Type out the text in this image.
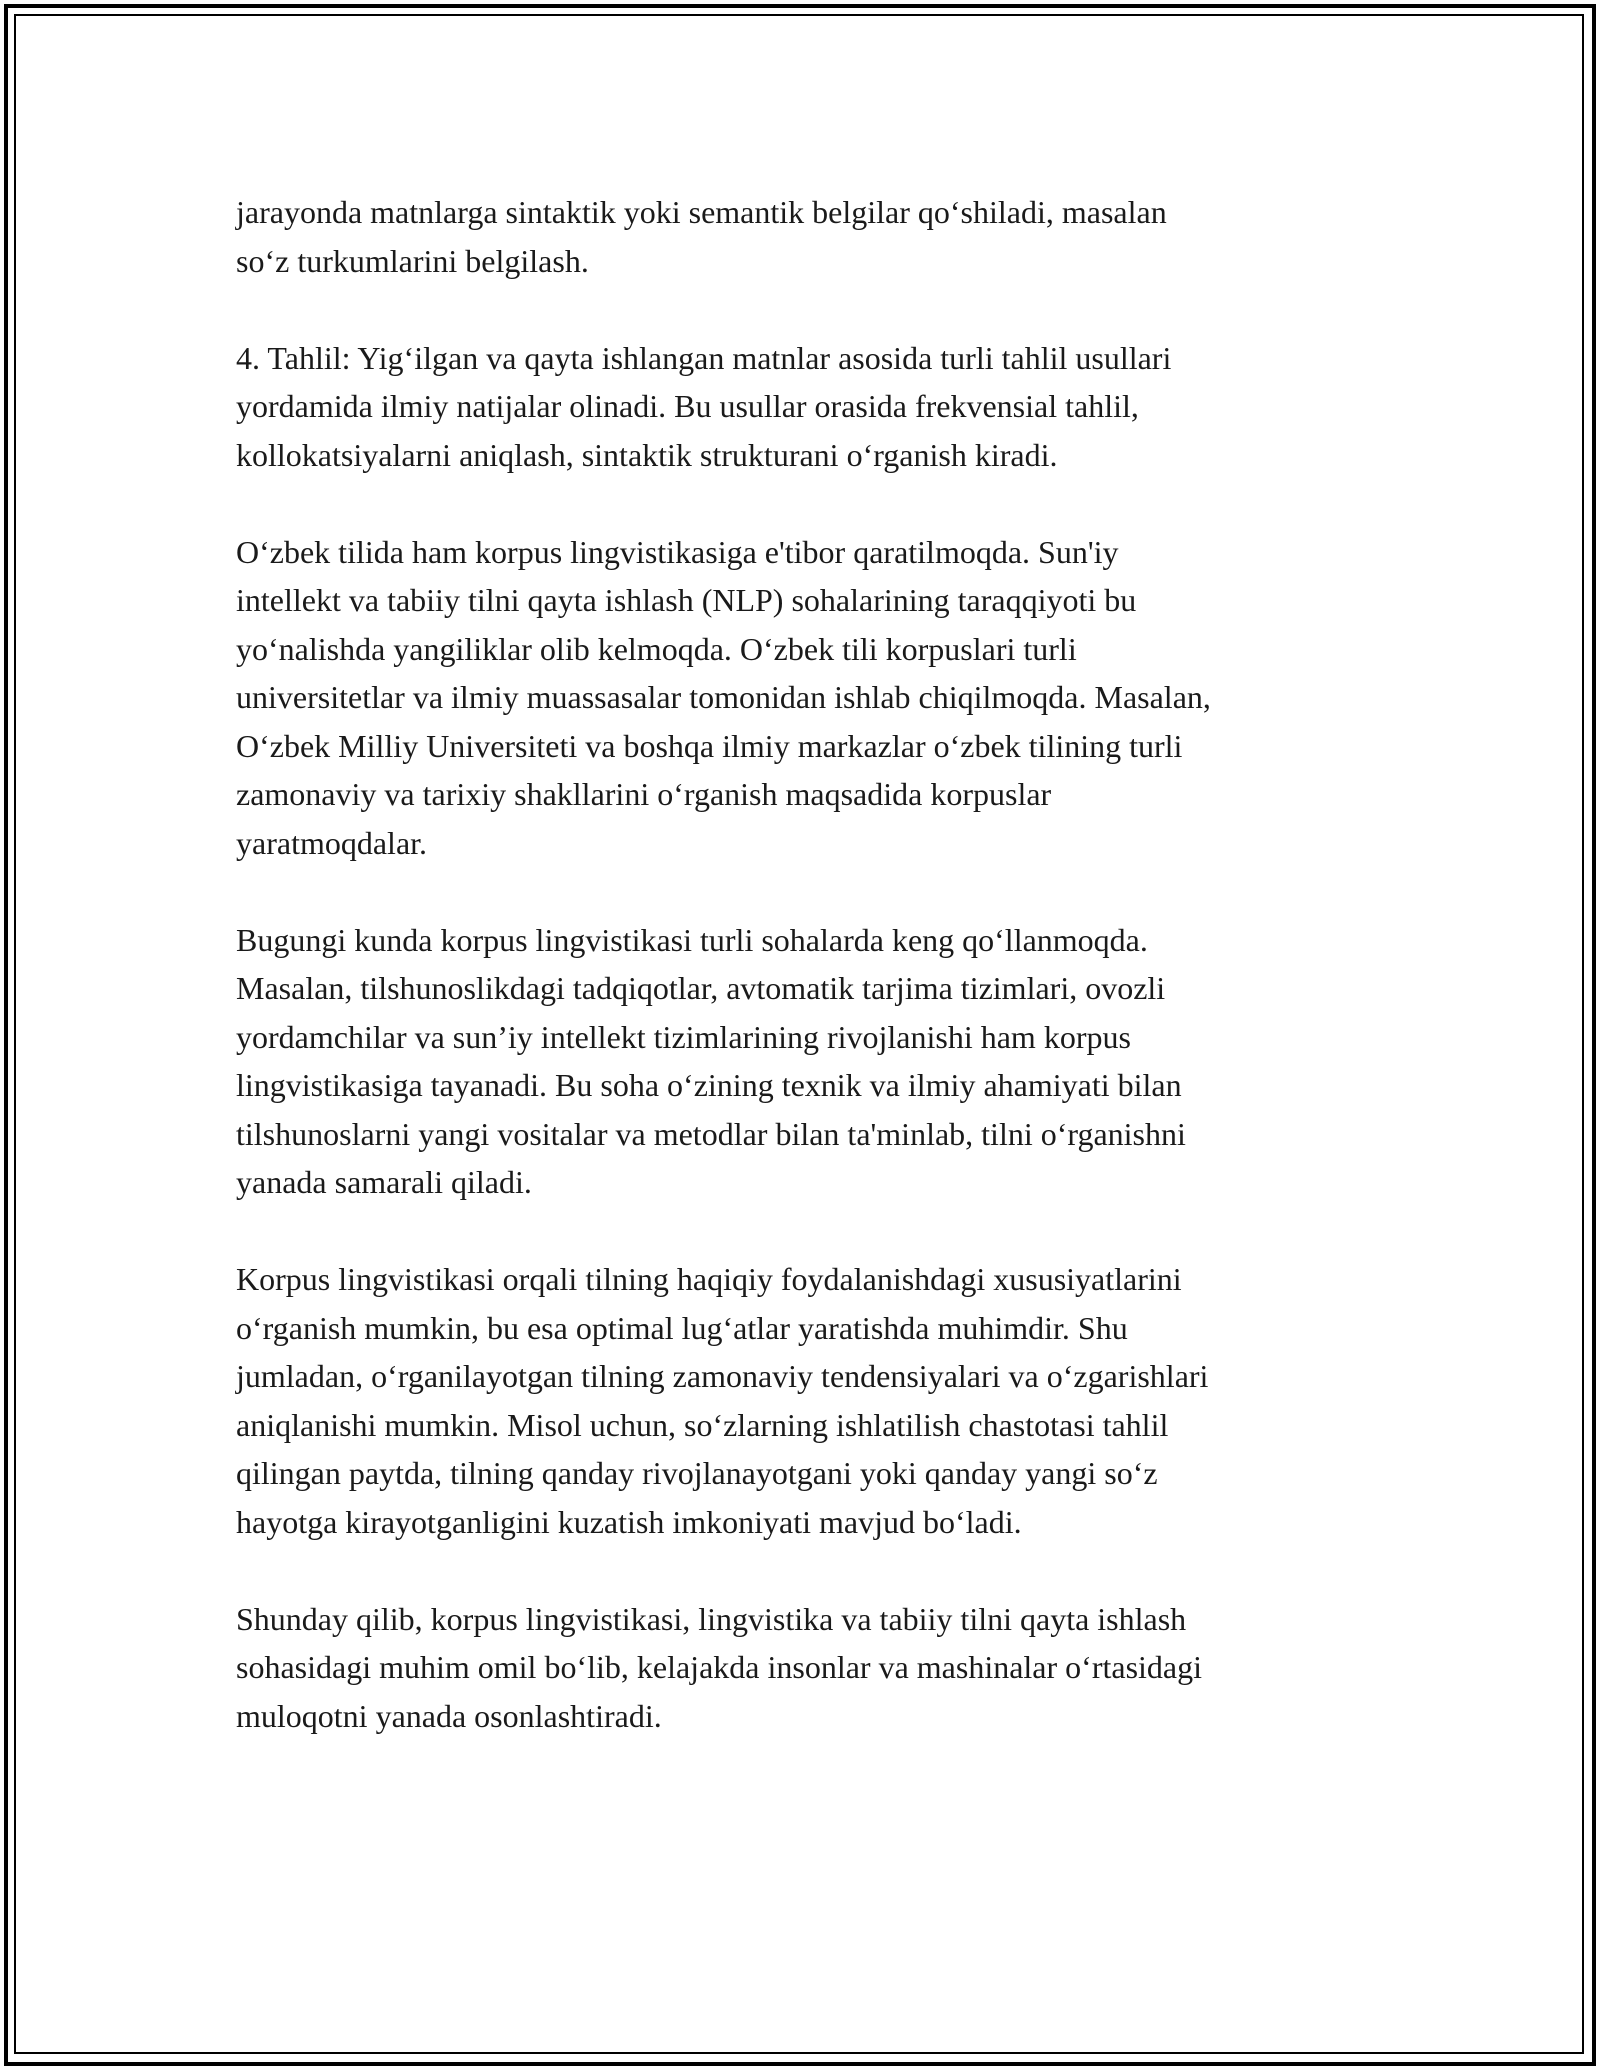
jarayonda matnlarga sintaktik yoki semantik belgilar qo‘shiladi, masalan
so‘z turkumlarini belgilash.

4. Tahlil: Yig‘ilgan va qayta ishlangan matnlar asosida turli tahlil usullari
yordamida ilmiy natijalar olinadi. Bu usullar orasida frekvensial tahlil,
kollokatsiyalarni aniqlash, sintaktik strukturani o‘rganish kiradi.

O‘zbek tilida ham korpus lingvistikasiga e'tibor qaratilmoqda. Sun'iy
intellekt va tabiiy tilni qayta ishlash (NLP) sohalarining taraqqiyoti bu
yo‘nalishda yangiliklar olib kelmoqda. O‘zbek tili korpuslari turli
universitetlar va ilmiy muassasalar tomonidan ishlab chiqilmoqda. Masalan,
O‘zbek Milliy Universiteti va boshqa ilmiy markazlar o‘zbek tilining turli
zamonaviy va tarixiy shakllarini o‘rganish maqsadida korpuslar
yaratmoqdalar.

Bugungi kunda korpus lingvistikasi turli sohalarda keng qo‘llanmoqda.
Masalan, tilshunoslikdagi tadqiqotlar, avtomatik tarjima tizimlari, ovozli
yordamchilar va sun’iy intellekt tizimlarining rivojlanishi ham korpus
lingvistikasiga tayanadi. Bu soha o‘zining texnik va ilmiy ahamiyati bilan
tilshunoslarni yangi vositalar va metodlar bilan ta'minlab, tilni o‘rganishni
yanada samarali qiladi.

Korpus lingvistikasi orqali tilning haqiqiy foydalanishdagi xususiyatlarini
o‘rganish mumkin, bu esa optimal lug‘atlar yaratishda muhimdir. Shu
jumladan, o‘rganilayotgan tilning zamonaviy tendensiyalari va o‘zgarishlari
aniqlanishi mumkin. Misol uchun, so‘zlarning ishlatilish chastotasi tahlil
qilingan paytda, tilning qanday rivojlanayotgani yoki qanday yangi so‘z
hayotga kirayotganligini kuzatish imkoniyati mavjud bo‘ladi.

Shunday qilib, korpus lingvistikasi, lingvistika va tabiiy tilni qayta ishlash
sohasidagi muhim omil bo‘lib, kelajakda insonlar va mashinalar o‘rtasidagi
muloqotni yanada osonlashtiradi.
